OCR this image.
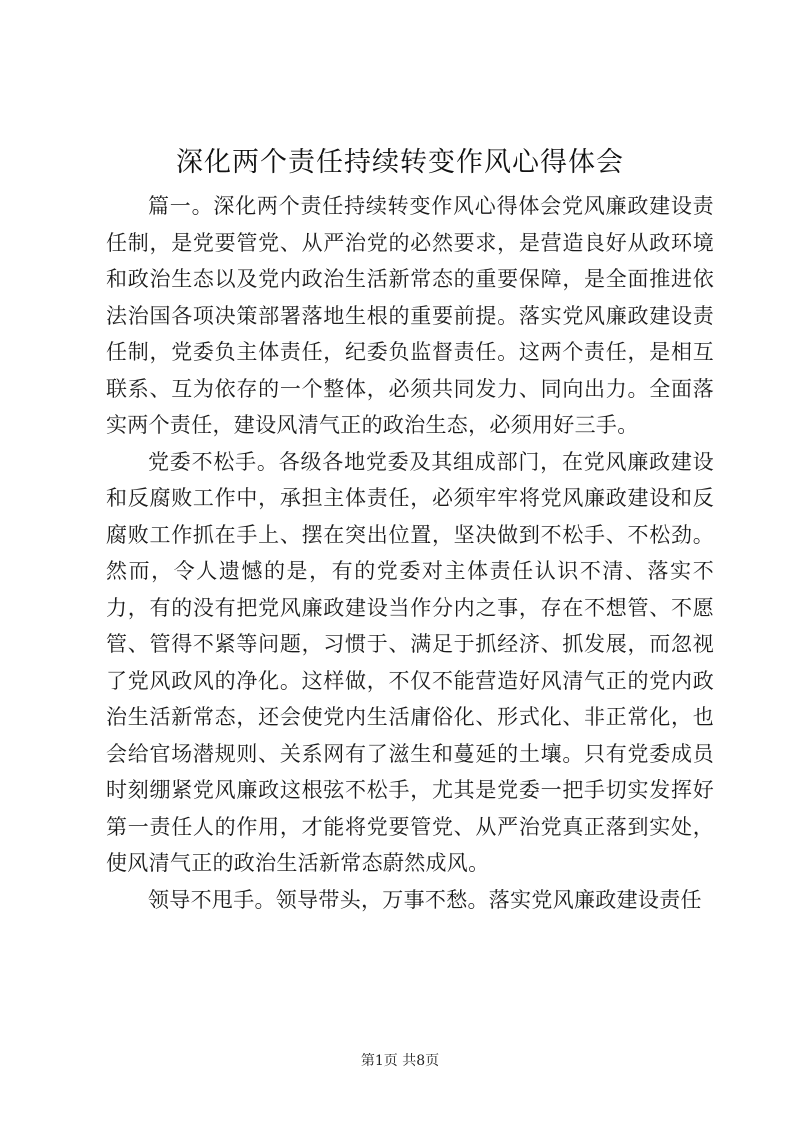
深化两个责任持续转变作风心得体会

篇一。深化两个责任持续转变作风心得体会党风廉政建设责任制，是党要管党、从严治党的必然要求，是营造良好从政环境和政治生态以及党内政治生活新常态的重要保障，是全面推进依法治国各项决策部署落地生根的重要前提。落实党风廉政建设责任制，党委负主体责任，纪委负监督责任。这两个责任，是相互联系、互为依存的一个整体，必须共同发力、同向出力。全面落实两个责任，建设风清气正的政治生态，必须用好三手。

党委不松手。各级各地党委及其组成部门，在党风廉政建设和反腐败工作中，承担主体责任，必须牢牢将党风廉政建设和反腐败工作抓在手上、摆在突出位置，坚决做到不松手、不松劲。然而，令人遗憾的是，有的党委对主体责任认识不清、落实不力，有的没有把党风廉政建设当作分内之事，存在不想管、不愿管、管得不紧等问题，习惯于、满足于抓经济、抓发展，而忽视了党风政风的净化。这样做，不仅不能营造好风清气正的党内政治生活新常态，还会使党内生活庸俗化、形式化、非正常化，也会给官场潜规则、关系网有了滋生和蔓延的土壤。只有党委成员时刻绷紧党风廉政这根弦不松手，尤其是党委一把手切实发挥好第一责任人的作用，才能将党要管党、从严治党真正落到实处，使风清气正的政治生活新常态蔚然成风。

领导不甩手。领导带头，万事不愁。落实党风廉政建设责任

第1页 共8页
